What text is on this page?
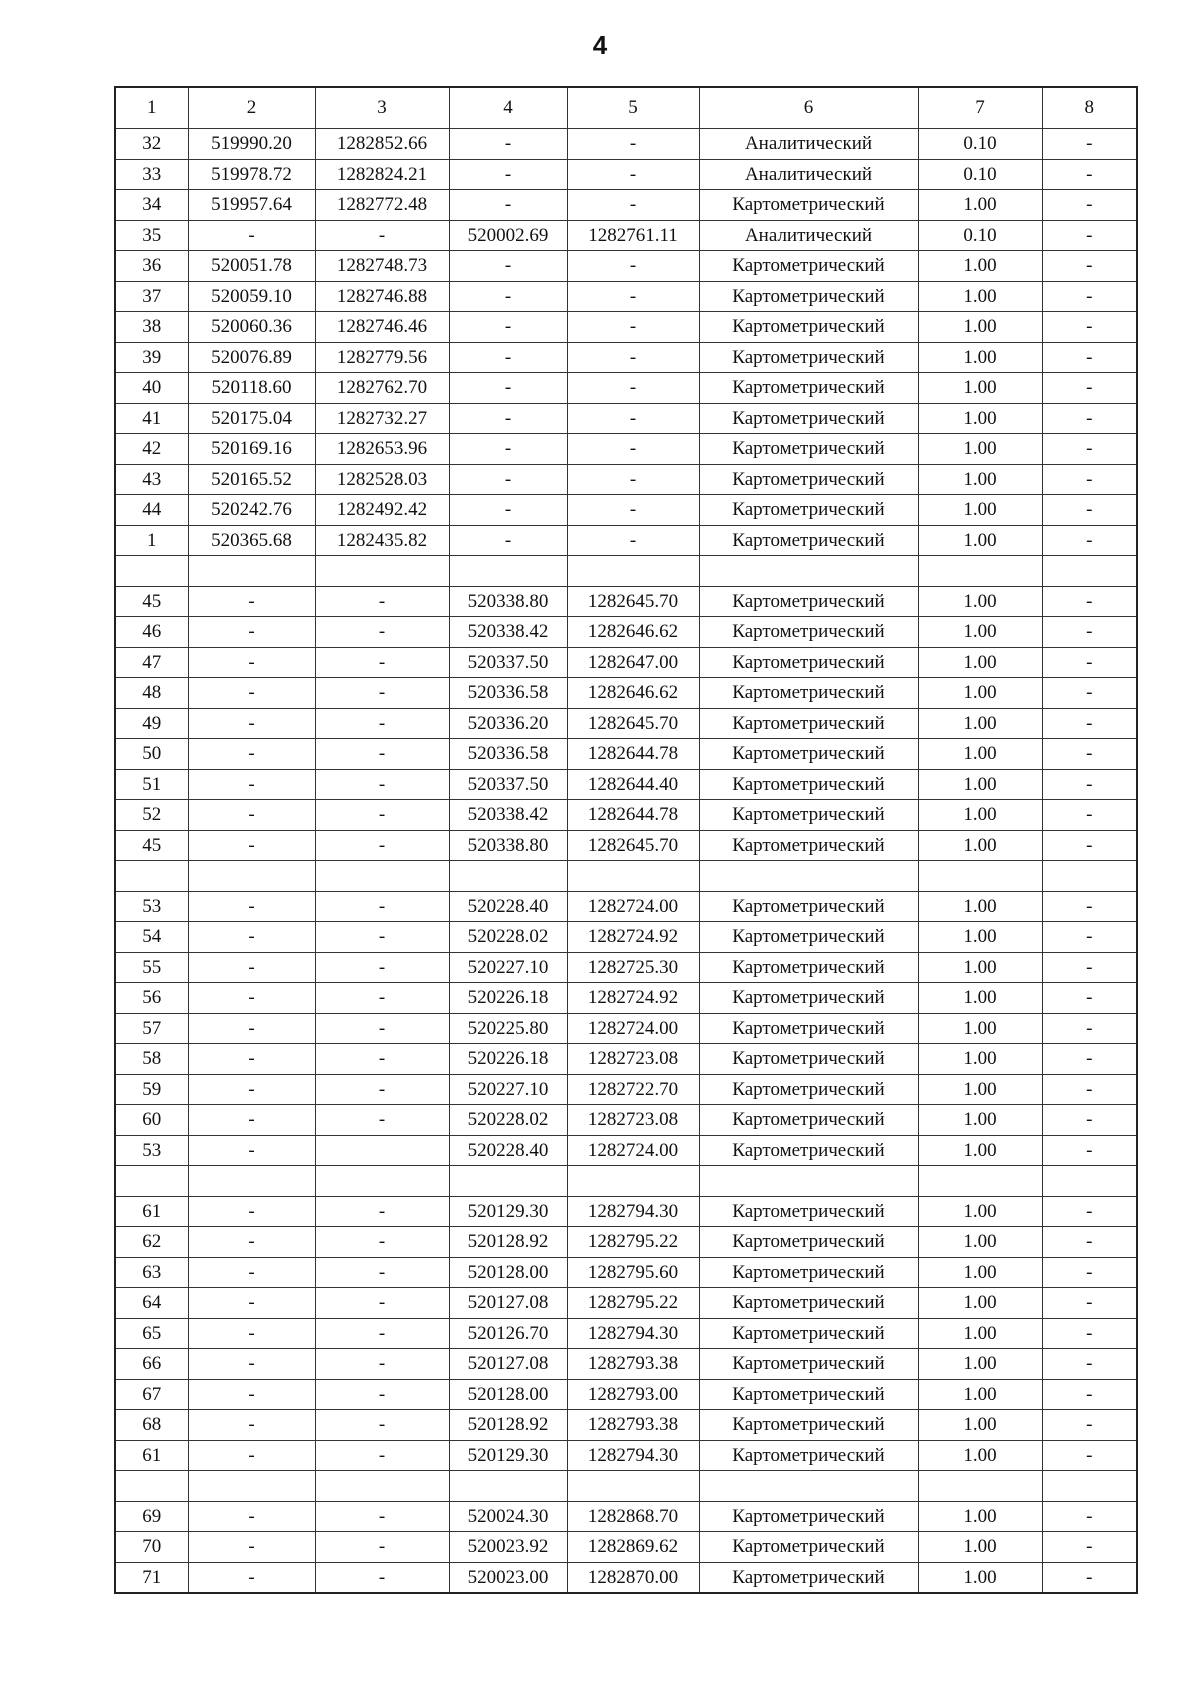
4
1	2	3	4	5	6	7	8
32	519990.20	1282852.66	-	-	Аналитический	0.10	-
33	519978.72	1282824.21	-	-	Аналитический	0.10	-
34	519957.64	1282772.48	-	-	Картометрический	1.00	-
35	-	-	520002.69	1282761.11	Аналитический	0.10	-
36	520051.78	1282748.73	-	-	Картометрический	1.00	-
37	520059.10	1282746.88	-	-	Картометрический	1.00	-
38	520060.36	1282746.46	-	-	Картометрический	1.00	-
39	520076.89	1282779.56	-	-	Картометрический	1.00	-
40	520118.60	1282762.70	-	-	Картометрический	1.00	-
41	520175.04	1282732.27	-	-	Картометрический	1.00	-
42	520169.16	1282653.96	-	-	Картометрический	1.00	-
43	520165.52	1282528.03	-	-	Картометрический	1.00	-
44	520242.76	1282492.42	-	-	Картометрический	1.00	-
1	520365.68	1282435.82	-	-	Картометрический	1.00	-

45	-	-	520338.80	1282645.70	Картометрический	1.00	-
46	-	-	520338.42	1282646.62	Картометрический	1.00	-
47	-	-	520337.50	1282647.00	Картометрический	1.00	-
48	-	-	520336.58	1282646.62	Картометрический	1.00	-
49	-	-	520336.20	1282645.70	Картометрический	1.00	-
50	-	-	520336.58	1282644.78	Картометрический	1.00	-
51	-	-	520337.50	1282644.40	Картометрический	1.00	-
52	-	-	520338.42	1282644.78	Картометрический	1.00	-
45	-	-	520338.80	1282645.70	Картометрический	1.00	-

53	-	-	520228.40	1282724.00	Картометрический	1.00	-
54	-	-	520228.02	1282724.92	Картометрический	1.00	-
55	-	-	520227.10	1282725.30	Картометрический	1.00	-
56	-	-	520226.18	1282724.92	Картометрический	1.00	-
57	-	-	520225.80	1282724.00	Картометрический	1.00	-
58	-	-	520226.18	1282723.08	Картометрический	1.00	-
59	-	-	520227.10	1282722.70	Картометрический	1.00	-
60	-	-	520228.02	1282723.08	Картометрический	1.00	-
53	-		520228.40	1282724.00	Картометрический	1.00	-

61	-	-	520129.30	1282794.30	Картометрический	1.00	-
62	-	-	520128.92	1282795.22	Картометрический	1.00	-
63	-	-	520128.00	1282795.60	Картометрический	1.00	-
64	-	-	520127.08	1282795.22	Картометрический	1.00	-
65	-	-	520126.70	1282794.30	Картометрический	1.00	-
66	-	-	520127.08	1282793.38	Картометрический	1.00	-
67	-	-	520128.00	1282793.00	Картометрический	1.00	-
68	-	-	520128.92	1282793.38	Картометрический	1.00	-
61	-	-	520129.30	1282794.30	Картометрический	1.00	-

69	-	-	520024.30	1282868.70	Картометрический	1.00	-
70	-	-	520023.92	1282869.62	Картометрический	1.00	-
71	-	-	520023.00	1282870.00	Картометрический	1.00	-
